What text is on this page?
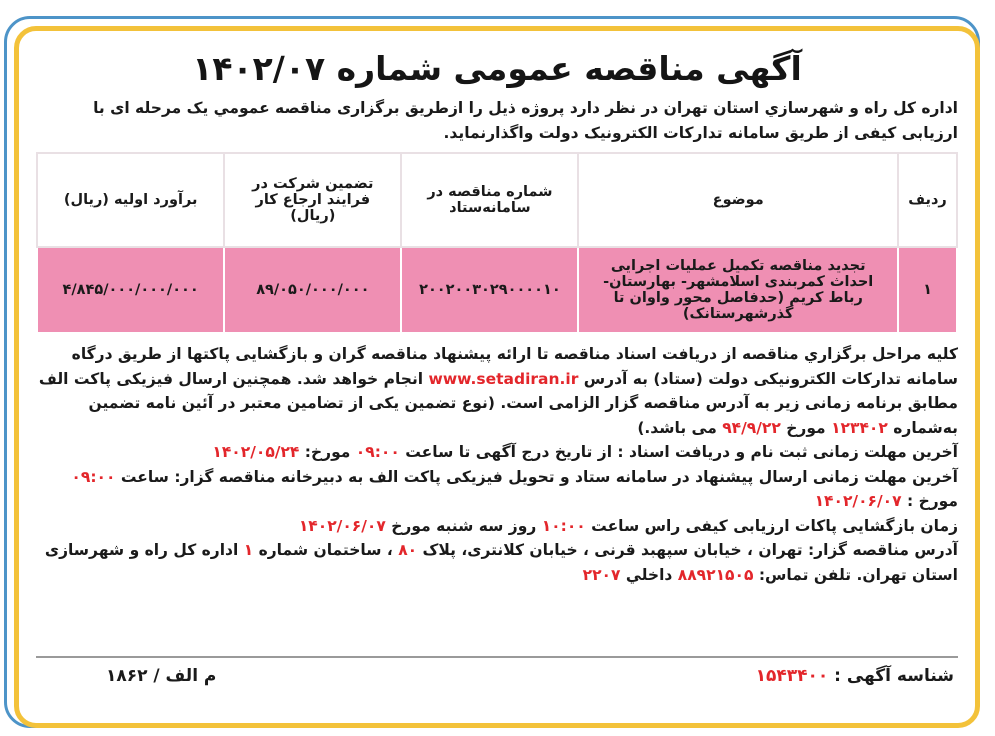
آگهی مناقصه عمومی شماره ۱۴۰۲/۰۷

اداره کل راه و شهرسازي استان تهران در نظر دارد پروژه ذیل را ازطریق برگزاری مناقصه عمومي یک مرحله ای با ارزیابی کیفی از طریق سامانه تدارکات الکترونیک دولت واگذارنماید.

ردیف	موضوع	شماره مناقصه در سامانه‌ستاد	تضمین شرکت در فرایند ارجاع کار (ریال)	برآورد اولیه (ریال)
۱	تجدید مناقصه تکمیل عملیات اجرایی احداث کمربندی اسلامشهر- بهارستان- رباط کریم (حدفاصل محور واوان تا گذرشهرستانک)	۲۰۰۲۰۰۳۰۲۹۰۰۰۰۱۰	۸۹/۰۵۰/۰۰۰/۰۰۰	۴/۸۴۵/۰۰۰/۰۰۰/۰۰۰

کلیه مراحل برگزاري مناقصه از دریافت اسناد مناقصه تا ارائه پیشنهاد مناقصه گران و بازگشایی پاکتها از طریق درگاه سامانه تدارکات الکترونیکی دولت (ستاد) به آدرس www.setadiran.ir انجام خواهد شد. همچنین ارسال فیزیکی پاکت الف مطابق برنامه زمانی زیر به آدرس مناقصه گزار الزامی است. (نوع تضمین یکی از تضامین معتبر در آئین نامه تضمین به‌شماره ۱۲۳۴۰۲ مورخ ۹۴/۹/۲۲ می باشد.)

آخرین مهلت زمانی ثبت نام و دریافت اسناد : از تاریخ درج آگهی تا ساعت ۰۹:۰۰ مورخ: ۱۴۰۲/۰۵/۲۴

آخرین مهلت زمانی ارسال پیشنهاد در سامانه ستاد و تحویل فیزیکی پاکت الف به دبیرخانه مناقصه گزار: ساعت ۰۹:۰۰ مورخ : ۱۴۰۲/۰۶/۰۷

زمان بازگشایی پاکات ارزیابی کیفی راس ساعت ۱۰:۰۰ روز سه شنبه مورخ ۱۴۰۲/۰۶/۰۷

آدرس مناقصه گزار: تهران ، خیابان سپهبد قرنی ، خیابان کلانتری، پلاک ۸۰ ، ساختمان شماره ۱ اداره کل راه و شهرسازی استان تهران. تلفن تماس: ۸۸۹۲۱۵۰۵ داخلي ۲۲۰۷

شناسه آگهی : ۱۵۴۳۴۰۰
م الف / ۱۸۶۲
